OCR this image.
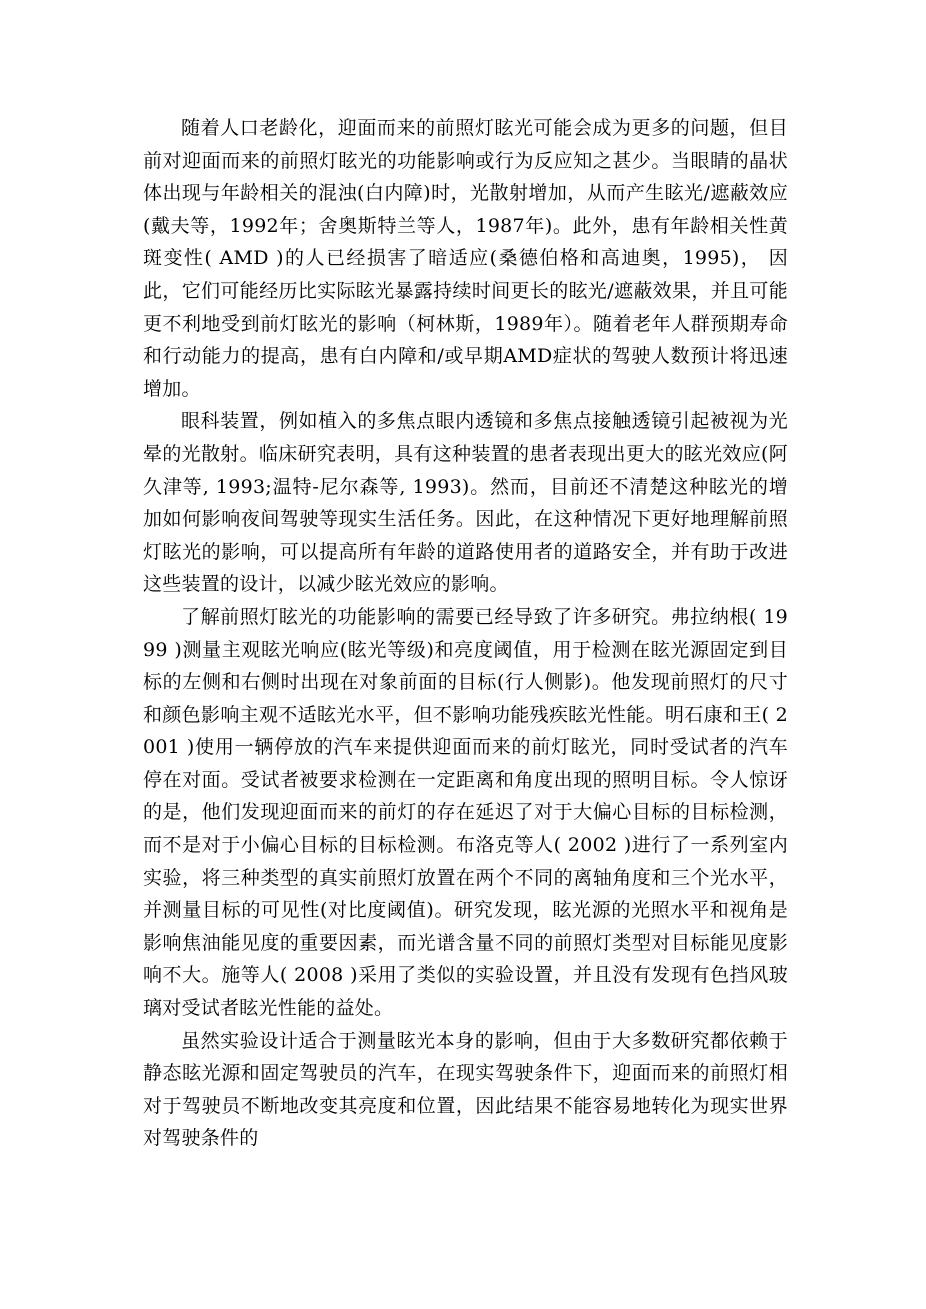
随着人口老龄化，迎面而来的前照灯眩光可能会成为更多的问题，但目前对迎面而来的前照灯眩光的功能影响或行为反应知之甚少。当眼睛的晶状体出现与年龄相关的混浊(白内障)时，光散射增加，从而产生眩光/遮蔽效应(戴夫等，1992年；舍奥斯特兰等人，1987年)。此外，患有年龄相关性黄斑变性( AMD )的人已经损害了暗适应(桑德伯格和高迪奥，1995)， 因此，它们可能经历比实际眩光暴露持续时间更长的眩光/遮蔽效果，并且可能更不利地受到前灯眩光的影响（柯林斯，1989年）。随着老年人群预期寿命和行动能力的提高，患有白内障和/或早期AMD症状的驾驶人数预计将迅速增加。

眼科装置，例如植入的多焦点眼内透镜和多焦点接触透镜引起被视为光晕的光散射。临床研究表明，具有这种装置的患者表现出更大的眩光效应(阿久津等, 1993;温特-尼尔森等, 1993)。然而，目前还不清楚这种眩光的增加如何影响夜间驾驶等现实生活任务。因此，在这种情况下更好地理解前照灯眩光的影响，可以提高所有年龄的道路使用者的道路安全，并有助于改进这些装置的设计，以减少眩光效应的影响。

了解前照灯眩光的功能影响的需要已经导致了许多研究。弗拉纳根( 1999 )测量主观眩光响应(眩光等级)和亮度阈值，用于检测在眩光源固定到目标的左侧和右侧时出现在对象前面的目标(行人侧影)。他发现前照灯的尺寸和颜色影响主观不适眩光水平，但不影响功能残疾眩光性能。明石康和王( 2001 )使用一辆停放的汽车来提供迎面而来的前灯眩光，同时受试者的汽车停在对面。受试者被要求检测在一定距离和角度出现的照明目标。令人惊讶的是，他们发现迎面而来的前灯的存在延迟了对于大偏心目标的目标检测，而不是对于小偏心目标的目标检测。布洛克等人( 2002 )进行了一系列室内实验，将三种类型的真实前照灯放置在两个不同的离轴角度和三个光水平，并测量目标的可见性(对比度阈值)。研究发现，眩光源的光照水平和视角是影响焦油能见度的重要因素，而光谱含量不同的前照灯类型对目标能见度影响不大。施等人( 2008 )采用了类似的实验设置，并且没有发现有色挡风玻璃对受试者眩光性能的益处。

虽然实验设计适合于测量眩光本身的影响，但由于大多数研究都依赖于静态眩光源和固定驾驶员的汽车，在现实驾驶条件下，迎面而来的前照灯相对于驾驶员不断地改变其亮度和位置，因此结果不能容易地转化为现实世界对驾驶条件的
